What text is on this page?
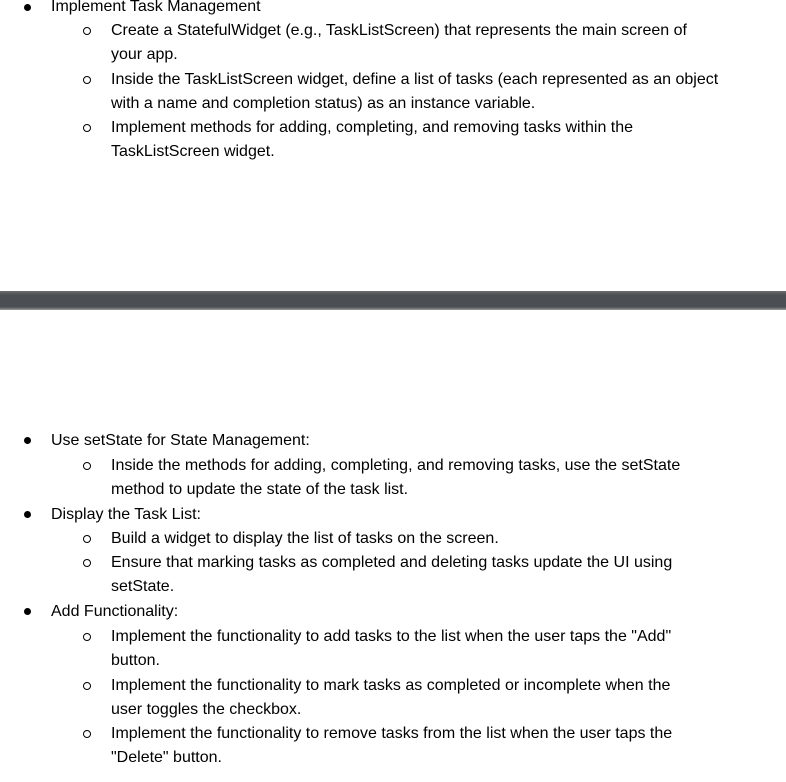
Implement Task Management
Create a StatefulWidget (e.g., TaskListScreen) that represents the main screen of
your app.
Inside the TaskListScreen widget, define a list of tasks (each represented as an object
with a name and completion status) as an instance variable.
Implement methods for adding, completing, and removing tasks within the
TaskListScreen widget.
Use setState for State Management:
Inside the methods for adding, completing, and removing tasks, use the setState
method to update the state of the task list.
Display the Task List:
Build a widget to display the list of tasks on the screen.
Ensure that marking tasks as completed and deleting tasks update the UI using
setState.
Add Functionality:
Implement the functionality to add tasks to the list when the user taps the "Add"
button.
Implement the functionality to mark tasks as completed or incomplete when the
user toggles the checkbox.
Implement the functionality to remove tasks from the list when the user taps the
"Delete" button.
